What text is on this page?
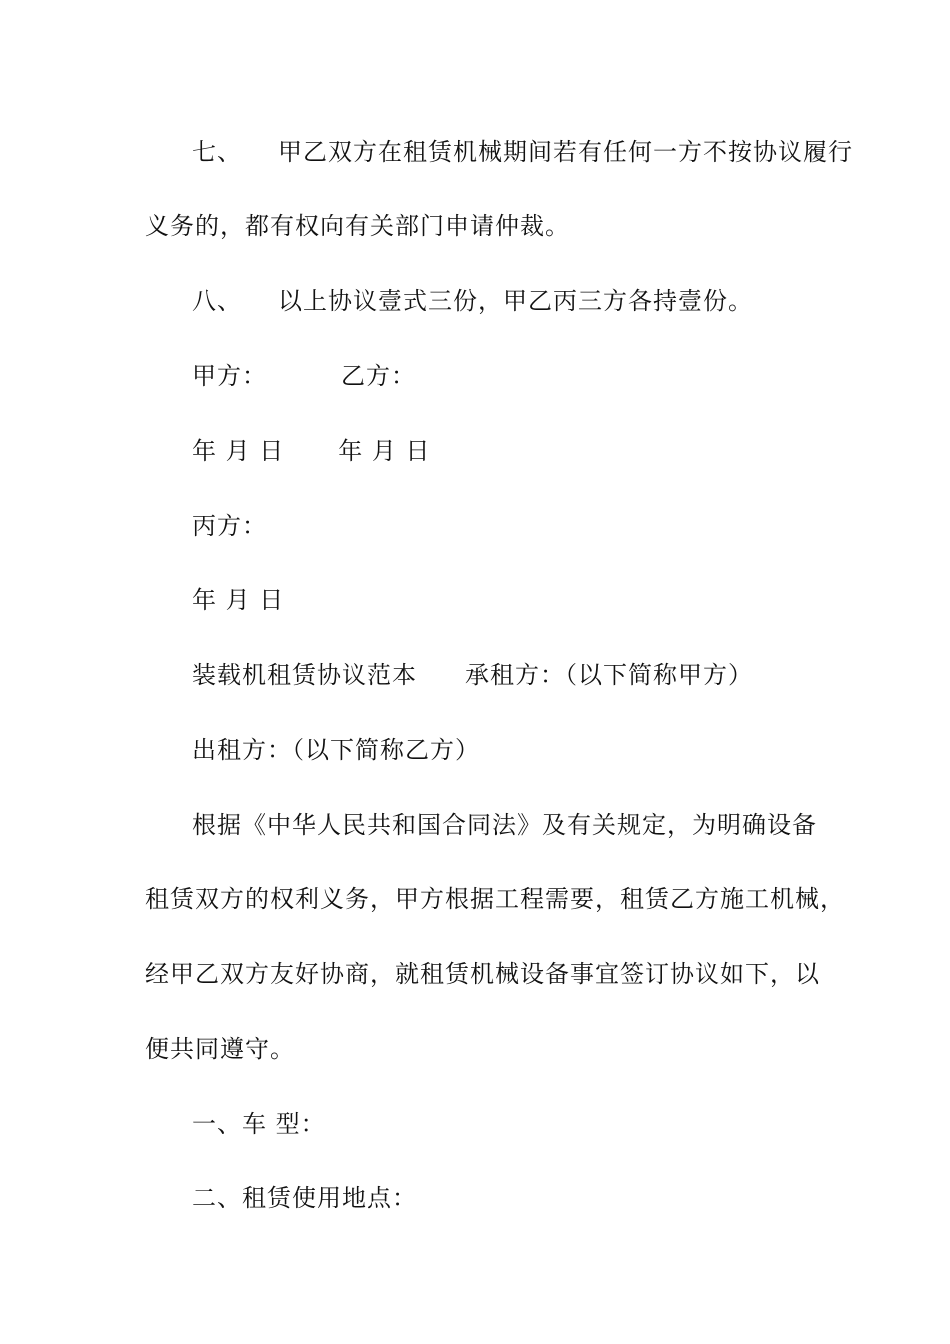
七、 甲乙双方在租赁机械期间若有任何一方不按协议履行
义务的，都有权向有关部门申请仲裁。
八、 以上协议壹式三份，甲乙丙三方各持壹份。
甲方：	乙方：
年 月 日 年 月 日
丙方：
年 月 日
装载机租赁协议范本 承租方：（以下简称甲方）
出租方：（以下简称乙方）
根据《中华人民共和国合同法》及有关规定，为明确设备
租赁双方的权利义务，甲方根据工程需要，租赁乙方施工机械，
经甲乙双方友好协商，就租赁机械设备事宜签订协议如下，以
便共同遵守。
一、车 型：
二、租赁使用地点：
